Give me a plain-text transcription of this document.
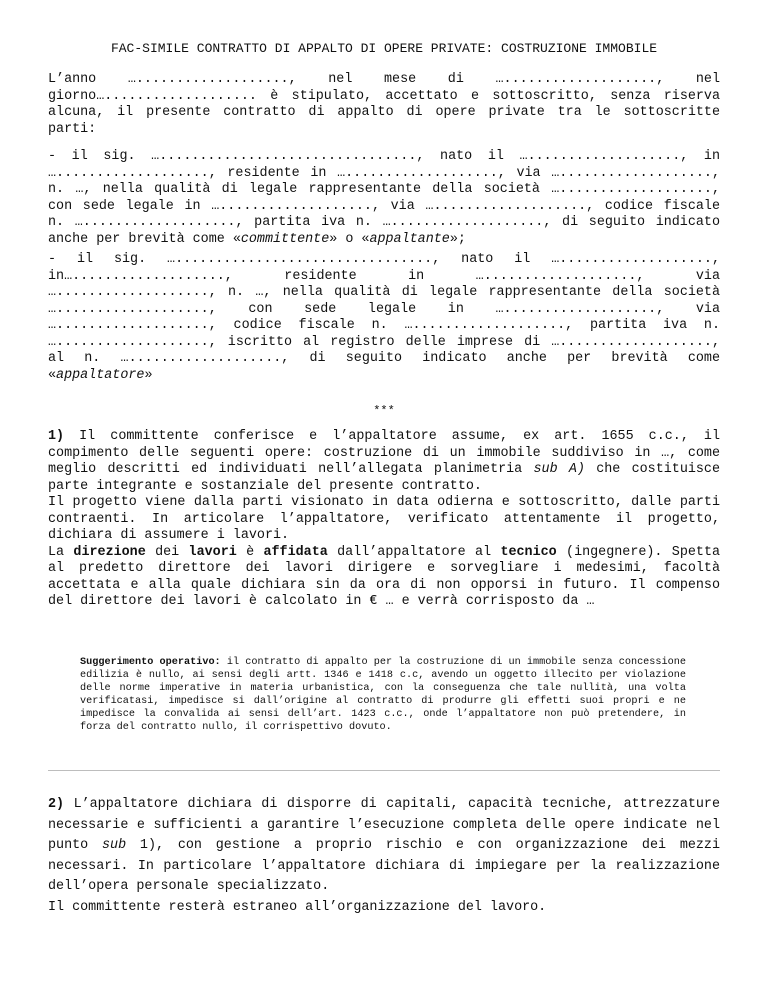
FAC-SIMILE CONTRATTO DI APPALTO DI OPERE PRIVATE: COSTRUZIONE IMMOBILE
L’anno …..................., nel mese di …..................., nel giorno…................... è stipulato, accettato e sottoscritto, senza riserva alcuna, il presente contratto di appalto di opere private tra le sottoscritte parti:
- il sig. …................................, nato il …..................., in …..................., residente in …..................., via …..................., n. …, nella qualità di legale rappresentante della società …..................., con sede legale in …..................., via …..................., codice fiscale n. …..................., partita iva n. …..................., di seguito indicato anche per brevità come «committente» o «appaltante»;
- il sig. …................................, nato il …..................., in…..................., residente in …..................., via …..................., n. …, nella qualità di legale rappresentante della società …..................., con sede legale in …..................., via …..................., codice fiscale n. …..................., partita iva n. …..................., iscritto al registro delle imprese di …..................., al n. …..................., di seguito indicato anche per brevità come «appaltatore»
***
1) Il committente conferisce e l’appaltatore assume, ex art. 1655 c.c., il compimento delle seguenti opere: costruzione di un immobile suddiviso in …, come meglio descritti ed individuati nell’allegata planimetria sub A) che costituisce parte integrante e sostanziale del presente contratto.
Il progetto viene dalla parti visionato in data odierna e sottoscritto, dalle parti contraenti. In articolare l’appaltatore, verificato attentamente il progetto, dichiara di assumere i lavori.
La direzione dei lavori è affidata dall’appaltatore al tecnico (ingegnere). Spetta al predetto direttore dei lavori dirigere e sorvegliare i medesimi, facoltà accettata e alla quale dichiara sin da ora di non opporsi in futuro. Il compenso del direttore dei lavori è calcolato in € … e verrà corrisposto da …
Suggerimento operativo: il contratto di appalto per la costruzione di un immobile senza concessione edilizia è nullo, ai sensi degli artt. 1346 e 1418 c.c, avendo un oggetto illecito per violazione delle norme imperative in materia urbanistica, con la conseguenza che tale nullità, una volta verificatasi, impedisce si dall’origine al contratto di produrre gli effetti suoi propri e ne impedisce la convalida ai sensi dell’art. 1423 c.c., onde l’appaltatore non può pretendere, in forza del contratto nullo, il corrispettivo dovuto.
2) L’appaltatore dichiara di disporre di capitali, capacità tecniche, attrezzature necessarie e sufficienti a garantire l’esecuzione completa delle opere indicate nel punto sub 1), con gestione a proprio rischio e con organizzazione dei mezzi necessari. In particolare l’appaltatore dichiara di impiegare per la realizzazione dell’opera personale specializzato.
Il committente resterà estraneo all’organizzazione del lavoro.
